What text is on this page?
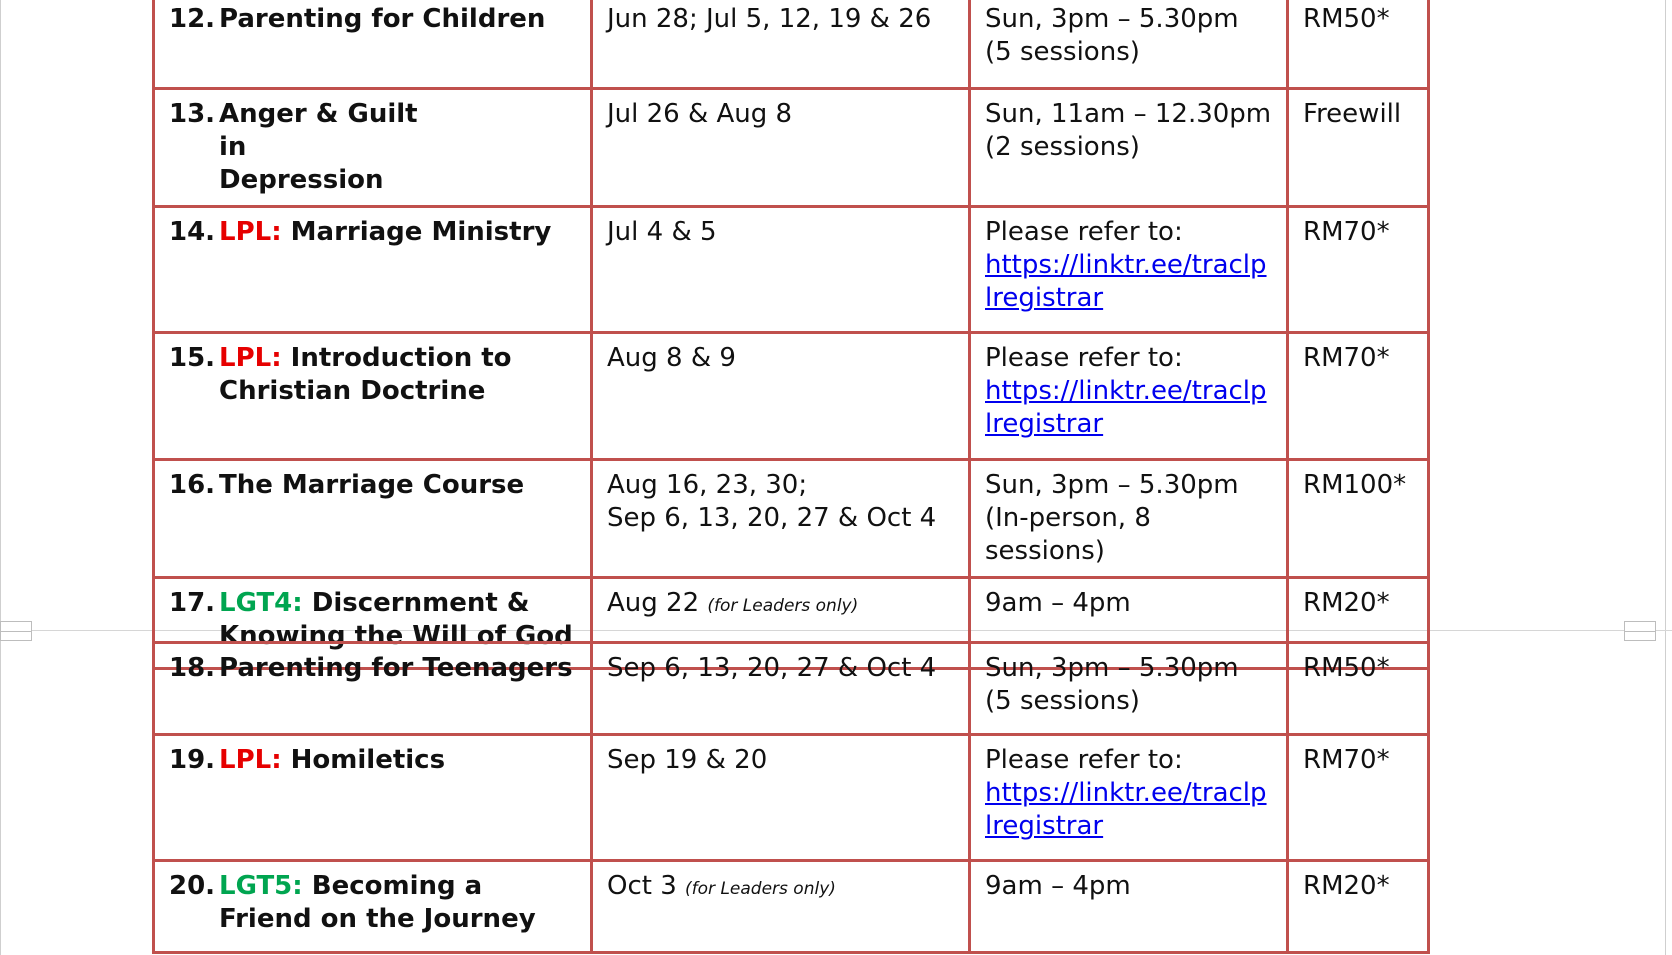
12. Parenting for Children	Jun 28; Jul 5, 12, 19 & 26	Sun, 3pm – 5.30pm
(5 sessions)	RM50*

13. Anger & Guilt in Depression	Jul 26 & Aug 8	Sun, 11am – 12.30pm
(2 sessions)	Freewill

14. LPL: Marriage Ministry	Jul 4 & 5	Please refer to:
https://linktr.ee/traclplregistrar	RM70*

15. LPL: Introduction to Christian Doctrine	Aug 8 & 9	Please refer to:
https://linktr.ee/traclplregistrar	RM70*

16. The Marriage Course	Aug 16, 23, 30;
Sep 6, 13, 20, 27 & Oct 4	Sun, 3pm – 5.30pm
(In-person, 8 sessions)	RM100*

17. LGT4: Discernment & Knowing the Will of God	Aug 22 (for Leaders only)	9am – 4pm	RM20*
18. Parenting for Teenagers	Sep 6, 13, 20, 27 & Oct 4	Sun, 3pm – 5.30pm
(5 sessions)	RM50*

19. LPL: Homiletics	Sep 19 & 20	Please refer to:
https://linktr.ee/traclplregistrar	RM70*

20. LGT5: Becoming a Friend on the Journey	Oct 3 (for Leaders only)	9am – 4pm	RM20*
